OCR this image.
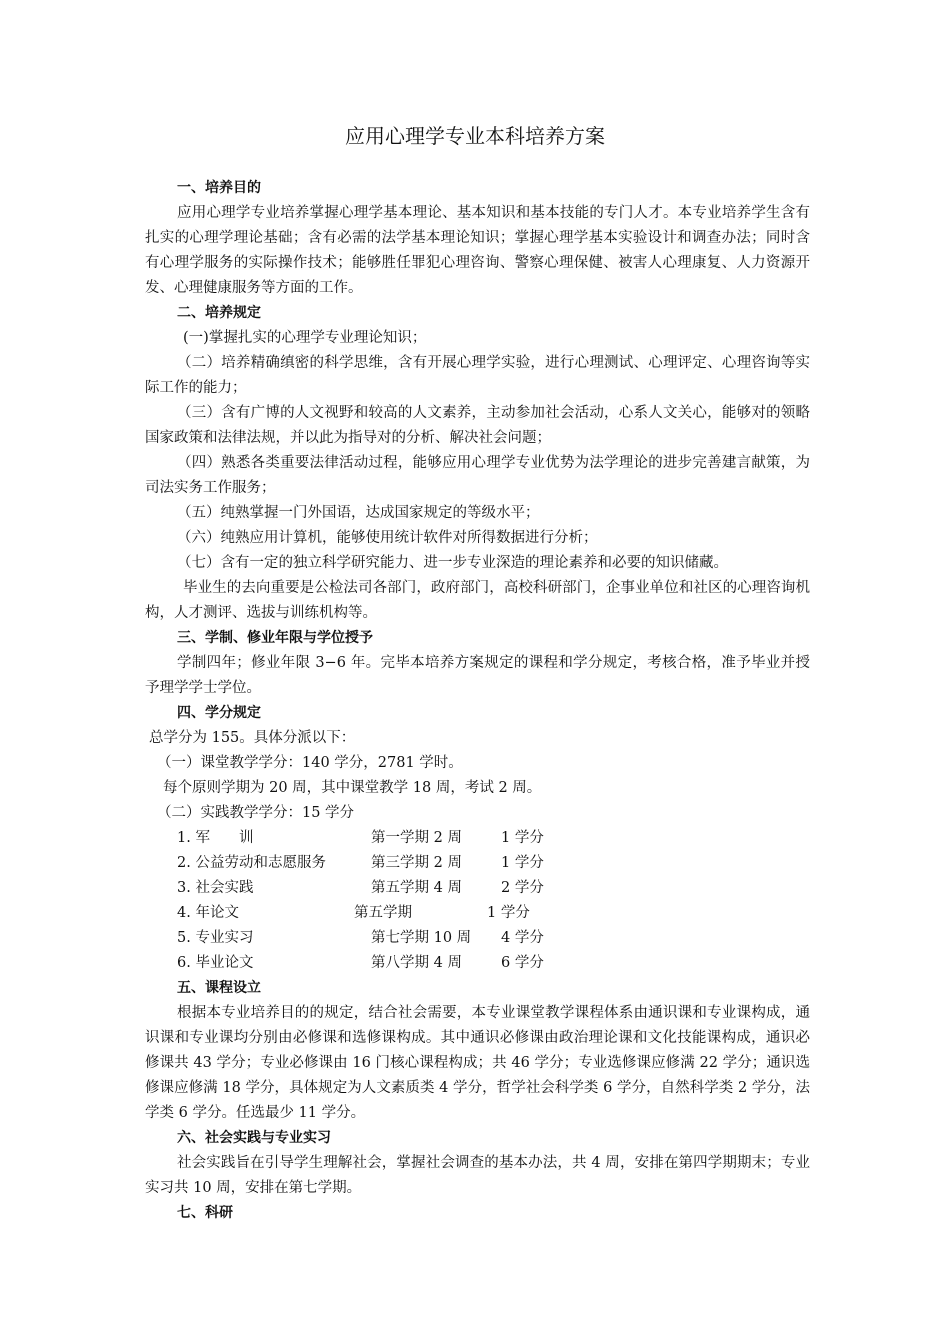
应用心理学专业本科培养方案

一、培养目的

应用心理学专业培养掌握心理学基本理论、基本知识和基本技能的专门人才。本专业培养学生含有扎实的心理学理论基础；含有必需的法学基本理论知识；掌握心理学基本实验设计和调查办法；同时含有心理学服务的实际操作技术；能够胜任罪犯心理咨询、警察心理保健、被害人心理康复、人力资源开发、心理健康服务等方面的工作。

二、培养规定

(一)掌握扎实的心理学专业理论知识；

（二）培养精确缜密的科学思维，含有开展心理学实验，进行心理测试、心理评定、心理咨询等实际工作的能力；

（三）含有广博的人文视野和较高的人文素养，主动参加社会活动，心系人文关心，能够对的领略国家政策和法律法规，并以此为指导对的分析、解决社会问题；

（四）熟悉各类重要法律活动过程，能够应用心理学专业优势为法学理论的进步完善建言献策，为司法实务工作服务；

（五）纯熟掌握一门外国语，达成国家规定的等级水平；

（六）纯熟应用计算机，能够使用统计软件对所得数据进行分析；

（七）含有一定的独立科学研究能力、进一步专业深造的理论素养和必要的知识储藏。

毕业生的去向重要是公检法司各部门，政府部门，高校科研部门，企事业单位和社区的心理咨询机构，人才测评、选拔与训练机构等。

三、学制、修业年限与学位授予

学制四年；修业年限 3−6 年。完毕本培养方案规定的课程和学分规定，考核合格，准予毕业并授予理学学士学位。

四、学分规定

总学分为 155。具体分派以下：

（一）课堂教学学分：140 学分，2781 学时。

每个原则学期为 20 周，其中课堂教学 18 周，考试 2 周。

（二）实践教学学分：15 学分

1. 军　　训	第一学期 2 周	1 学分
2. 公益劳动和志愿服务	第三学期 2 周	1 学分
3. 社会实践	第五学期 4 周	2 学分
4. 年论文	第五学期	1 学分
5. 专业实习	第七学期 10 周	4 学分
6. 毕业论文	第八学期 4 周	6 学分

五、课程设立

根据本专业培养目的的规定，结合社会需要，本专业课堂教学课程体系由通识课和专业课构成，通识课和专业课均分别由必修课和选修课构成。其中通识必修课由政治理论课和文化技能课构成，通识必修课共 43 学分；专业必修课由 16 门核心课程构成；共 46 学分；专业选修课应修满 22 学分；通识选修课应修满 18 学分，具体规定为人文素质类 4 学分，哲学社会科学类 6 学分，自然科学类 2 学分，法学类 6 学分。任选最少 11 学分。

六、社会实践与专业实习

社会实践旨在引导学生理解社会，掌握社会调查的基本办法，共 4 周，安排在第四学期期末；专业实习共 10 周，安排在第七学期。

七、科研
